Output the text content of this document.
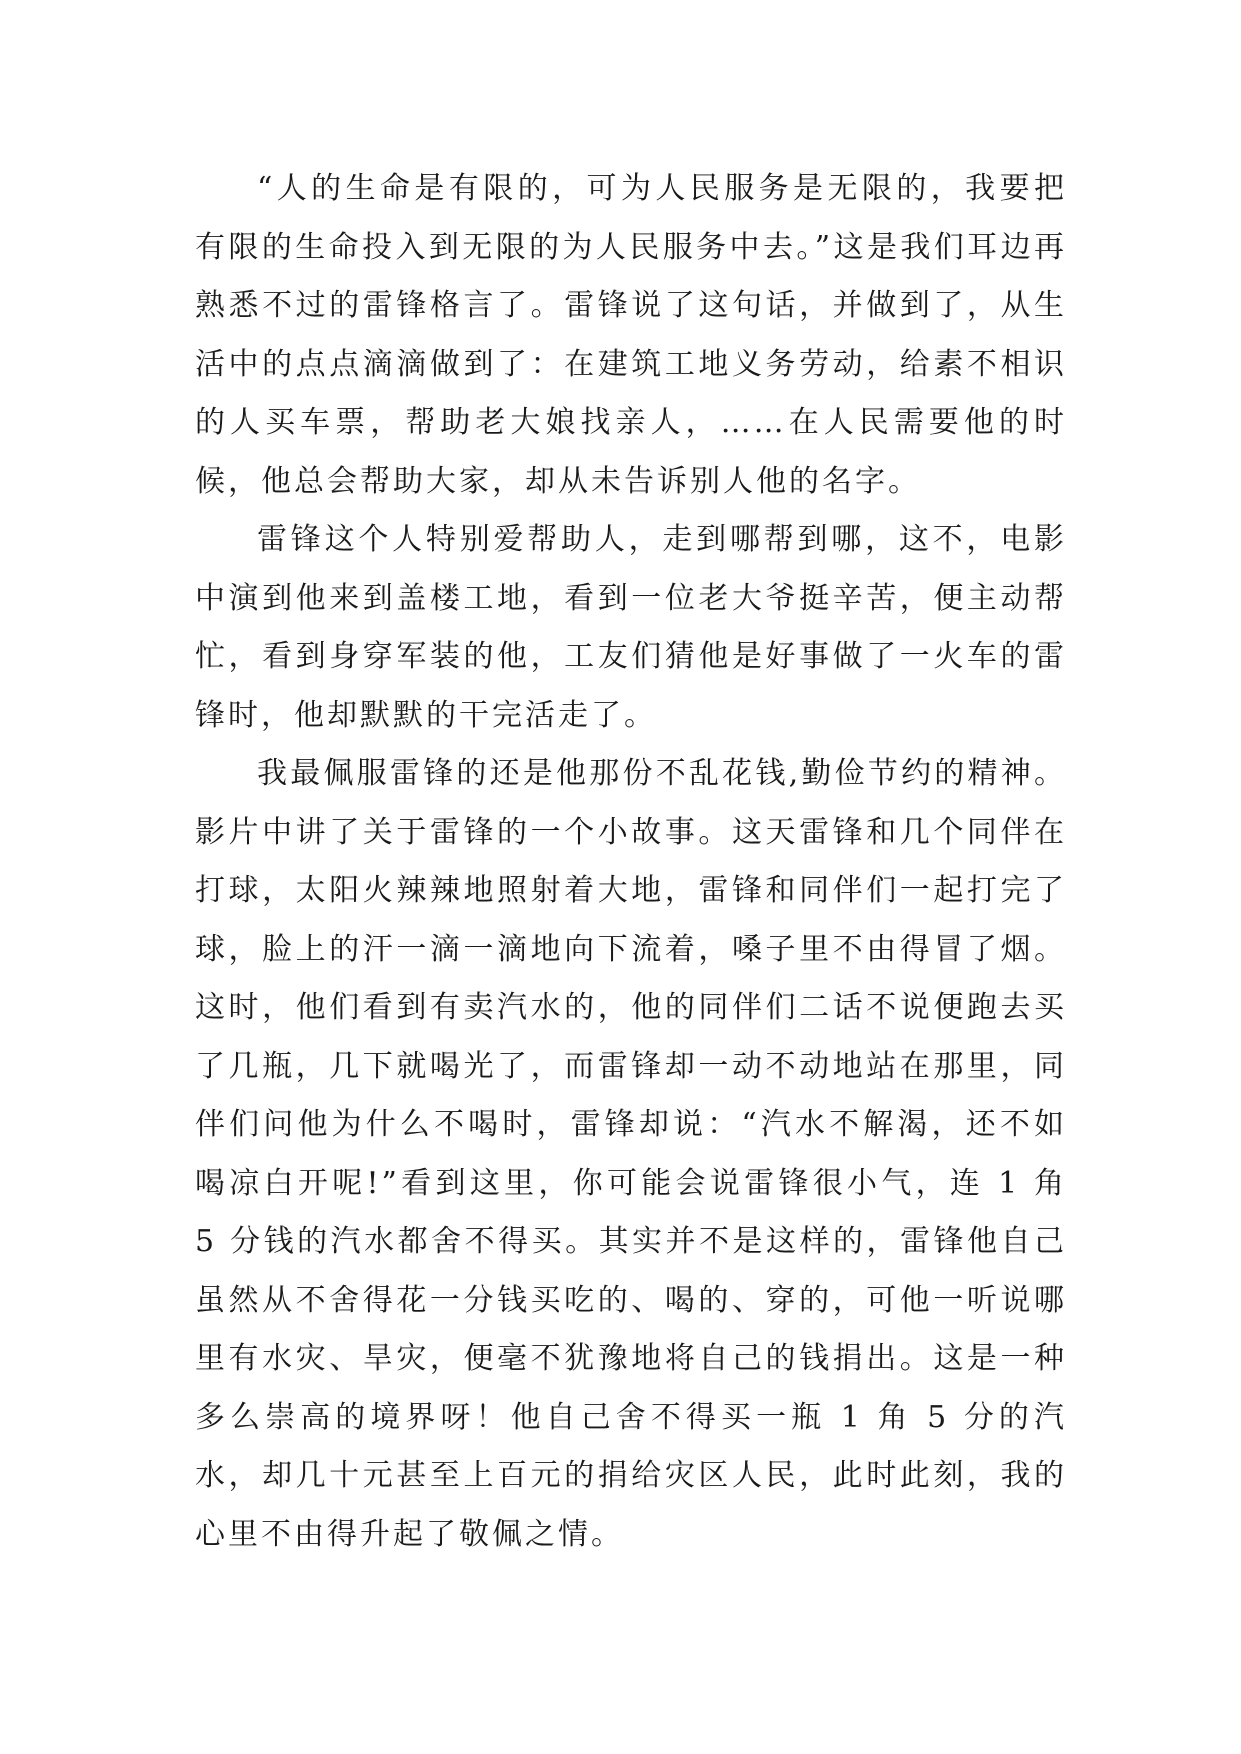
“人的生命是有限的，可为人民服务是无限的，我要把有限的生命投入到无限的为人民服务中去。”这是我们耳边再熟悉不过的雷锋格言了。雷锋说了这句话，并做到了，从生活中的点点滴滴做到了：在建筑工地义务劳动，给素不相识的人买车票，帮助老大娘找亲人，……在人民需要他的时候，他总会帮助大家，却从未告诉别人他的名字。

雷锋这个人特别爱帮助人，走到哪帮到哪，这不，电影中演到他来到盖楼工地，看到一位老大爷挺辛苦，便主动帮忙，看到身穿军装的他，工友们猜他是好事做了一火车的雷锋时，他却默默的干完活走了。

我最佩服雷锋的还是他那份不乱花钱,勤俭节约的精神。影片中讲了关于雷锋的一个小故事。这天雷锋和几个同伴在打球，太阳火辣辣地照射着大地，雷锋和同伴们一起打完了球，脸上的汗一滴一滴地向下流着，嗓子里不由得冒了烟。这时，他们看到有卖汽水的，他的同伴们二话不说便跑去买了几瓶，几下就喝光了，而雷锋却一动不动地站在那里，同伴们问他为什么不喝时，雷锋却说：“汽水不解渴，还不如喝凉白开呢!”看到这里，你可能会说雷锋很小气，连 1 角 5 分钱的汽水都舍不得买。其实并不是这样的，雷锋他自己虽然从不舍得花一分钱买吃的、喝的、穿的，可他一听说哪里有水灾、旱灾，便毫不犹豫地将自己的钱捐出。这是一种多么崇高的境界呀！他自己舍不得买一瓶 1 角 5 分的汽水，却几十元甚至上百元的捐给灾区人民，此时此刻，我的心里不由得升起了敬佩之情。
